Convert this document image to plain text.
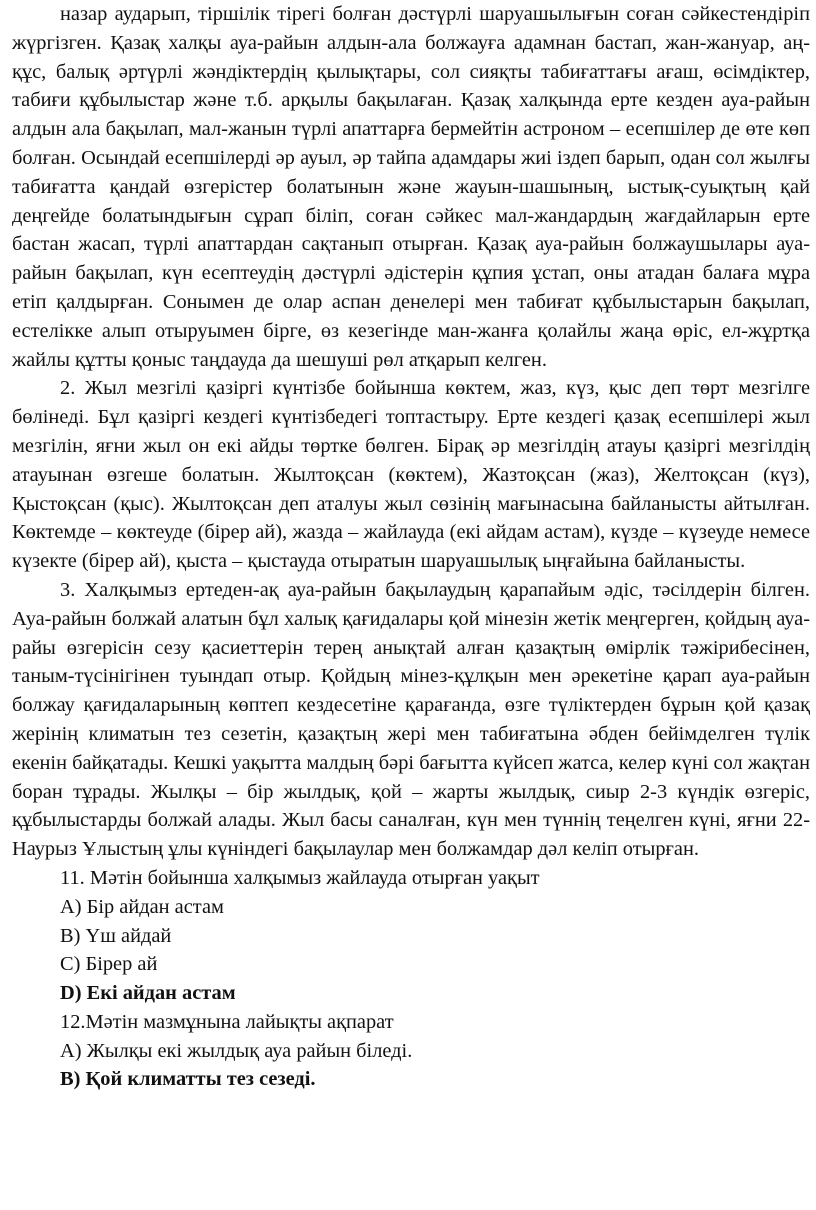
назар аударып, тіршілік тірегі болған дәстүрлі шаруашылығын соған сәйкестендіріп жүргізген. Қазақ халқы ауа-райын алдын-ала болжауға адамнан бастап, жан-жануар, аң-құс, балық әртүрлі жәндіктердің қылықтары, сол сияқты табиғаттағы ағаш, өсімдіктер, табиғи құбылыстар және т.б. арқылы бақылаған. Қазақ халқында ерте кезден ауа-райын алдын ала бақылап, мал-жанын түрлі апаттарға бермейтін астроном – есепшілер де өте көп болған. Осындай есепшілерді әр ауыл, әр тайпа адамдары жиі іздеп барып, одан сол жылғы табиғатта қандай өзгерістер болатынын және жауын-шашының, ыстық-суықтың қай деңгейде болатындығын сұрап біліп, соған сәйкес мал-жандардың жағдайларын ерте бастан жасап, түрлі апаттардан сақтанып отырған. Қазақ ауа-райын болжаушылары ауа-райын бақылап, күн есептеудің дәстүрлі әдістерін құпия ұстап, оны атадан балаға мұра етіп қалдырған. Сонымен де олар аспан денелері мен табиғат құбылыстарын бақылап, естелікке алып отыруымен бірге, өз кезегінде ман-жанға қолайлы жаңа өріс, ел-жұртқа жайлы құтты қоныс таңдауда да шешуші рөл атқарып келген.

2. Жыл мезгілі қазіргі күнтізбе бойынша көктем, жаз, күз, қыс деп төрт мезгілге бөлінеді. Бұл қазіргі кездегі күнтізбедегі топтастыру. Ерте кездегі қазақ есепшілері жыл мезгілін, яғни жыл он екі айды төртке бөлген. Бірақ әр мезгілдің атауы қазіргі мезгілдің атауынан өзгеше болатын. Жылтоқсан (көктем), Жазтоқсан (жаз), Желтоқсан (күз), Қыстоқсан (қыс). Жылтоқсан деп аталуы жыл сөзінің мағынасына байланысты айтылған. Көктемде – көктеуде (бірер ай), жазда – жайлауда (екі айдам астам), күзде – күзеуде немесе күзекте (бірер ай), қыста – қыстауда отыратын шаруашылық ыңғайына байланысты.

3. Халқымыз ертеден-ақ ауа-райын бақылаудың қарапайым әдіс, тәсілдерін білген. Ауа-райын болжай алатын бұл халық қағидалары қой мінезін жетік меңгерген, қойдың ауа-райы өзгерісін сезу қасиеттерін терең анықтай алған қазақтың өмірлік тәжірибесінен, таным-түсінігінен туындап отыр. Қойдың мінез-құлқын мен әрекетіне қарап ауа-райын болжау қағидаларының көптеп кездесетіне қарағанда, өзге түліктерден бұрын қой қазақ жерінің климатын тез сезетін, қазақтың жері мен табиғатына әбден бейімделген түлік екенін байқатады. Кешкі уақытта малдың бәрі бағытта күйсеп жатса, келер күні сол жақтан боран тұрады. Жылқы – бір жылдық, қой – жарты жылдық, сиыр 2-3 күндік өзгеріс, құбылыстарды болжай алады. Жыл басы саналған, күн мен түннің теңелген күні, яғни 22-Наурыз Ұлыстың ұлы күніндегі бақылаулар мен болжамдар дәл келіп отырған.

11. Мәтін бойынша халқымыз жайлауда отырған уақыт

A) Бір айдан астам

B) Үш айдай

C) Бірер ай

D) Екі айдан астам

12.Мәтін мазмұнына лайықты ақпарат

A) Жылқы екі жылдық ауа райын біледі.

B) Қой климатты тез сезеді.
